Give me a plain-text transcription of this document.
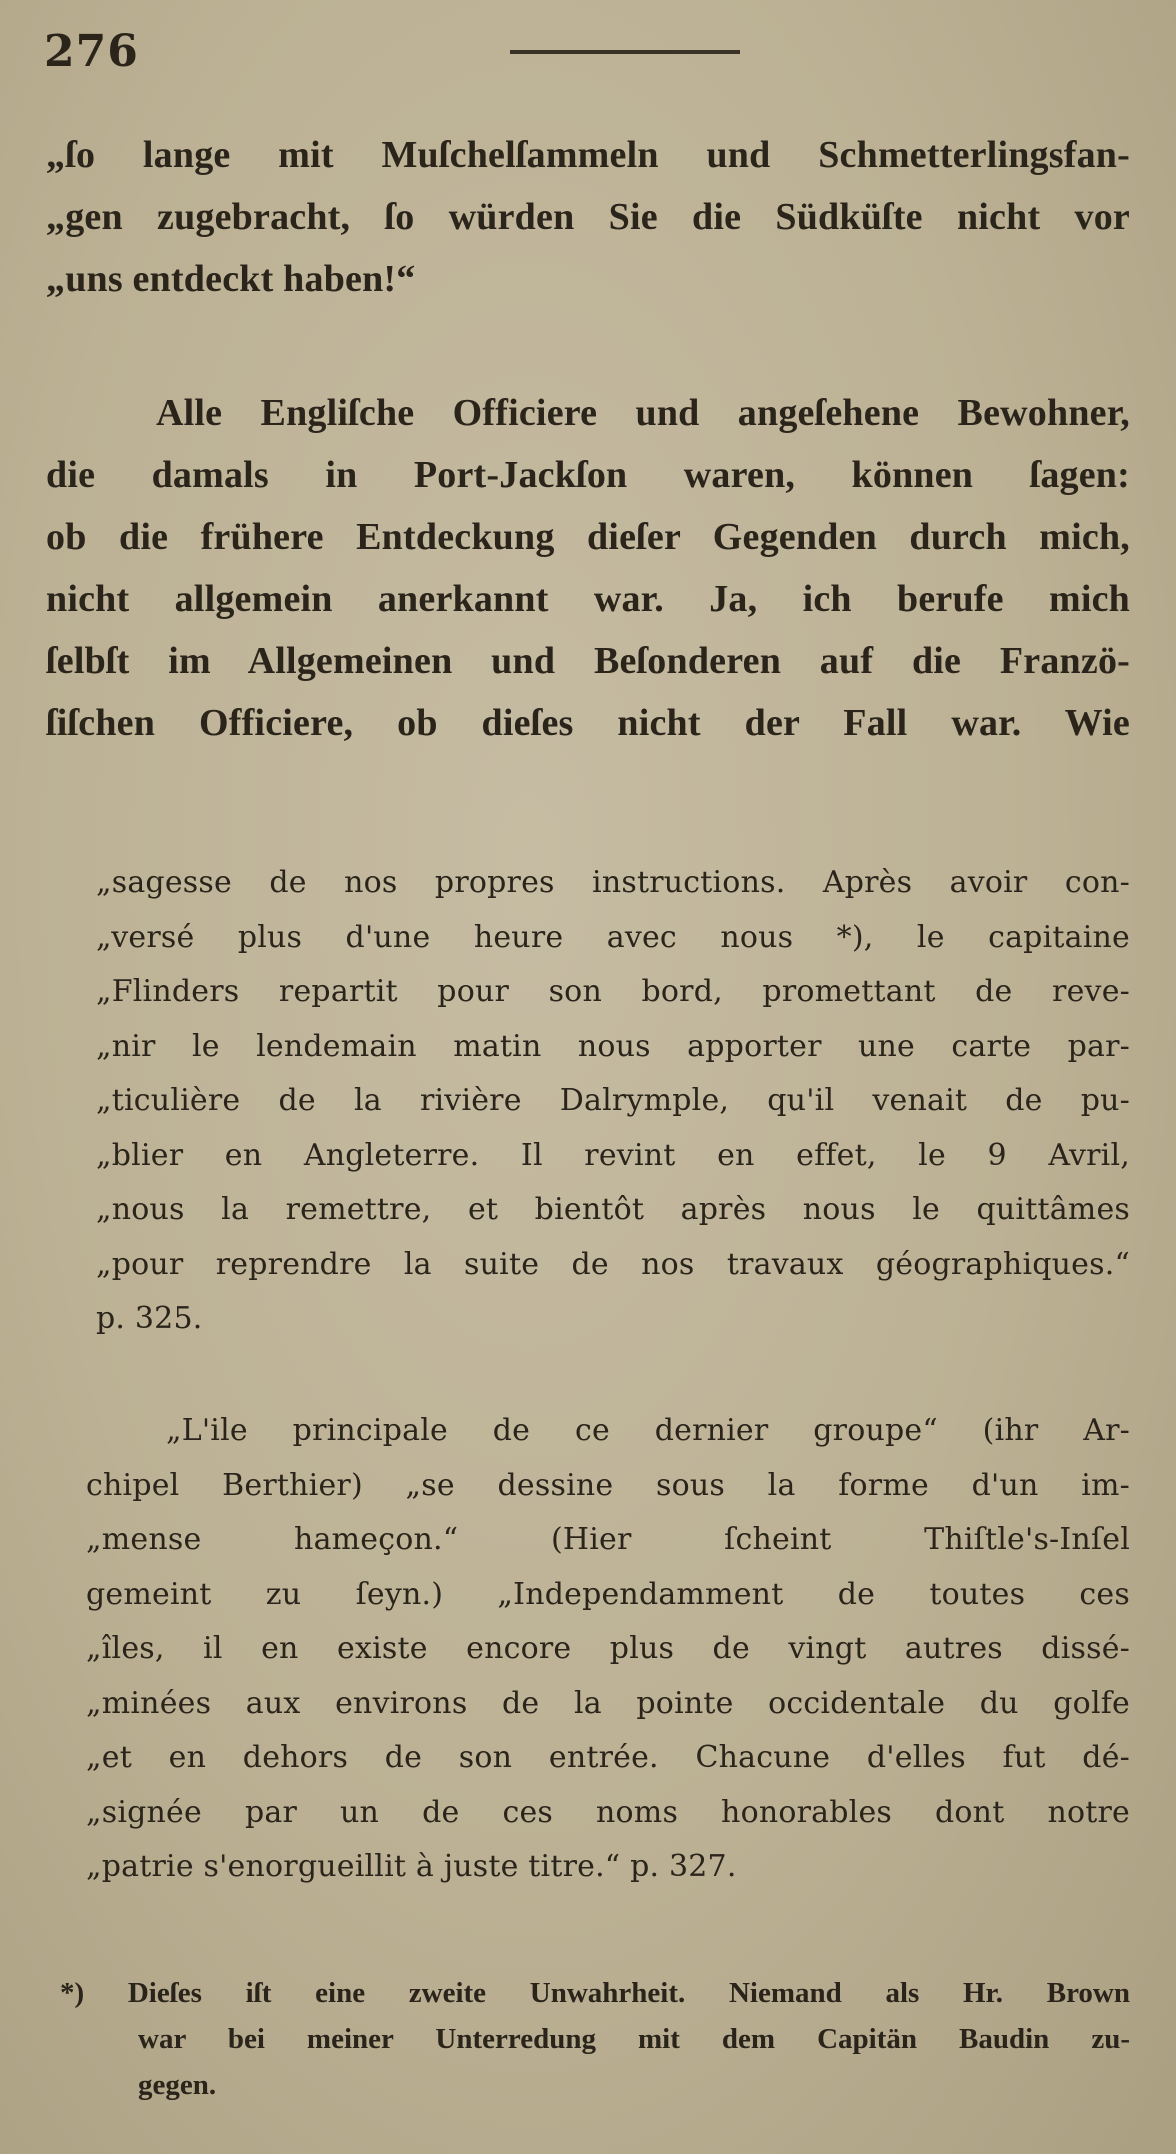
276
„ſo lange mit Muſchelſammeln und Schmetterlingsfan-
„gen zugebracht, ſo würden Sie die Südküſte nicht vor
„uns entdeckt haben!“
Alle Engliſche Officiere und angeſehene Bewohner,
die damals in Port-Jackſon waren, können ſagen:
ob die frühere Entdeckung dieſer Gegenden durch mich,
nicht allgemein anerkannt war. Ja, ich berufe mich
ſelbſt im Allgemeinen und Beſonderen auf die Franzö-
ſiſchen Officiere, ob dieſes nicht der Fall war. Wie
„sagesse de nos propres instructions. Après avoir con-
„versé plus d'une heure avec nous *), le capitaine
„Flinders repartit pour son bord, promettant de reve-
„nir le lendemain matin nous apporter une carte par-
„ticulière de la rivière Dalrymple, qu'il venait de pu-
„blier en Angleterre. Il revint en effet, le 9 Avril,
„nous la remettre, et bientôt après nous le quittâmes
„pour reprendre la suite de nos travaux géographiques.“
p. 325.
„L'ile principale de ce dernier groupe“ (ihr Ar-
chipel Berthier) „se dessine sous la forme d'un im-
„mense hameçon.“ (Hier ſcheint Thiſtle's-Inſel
gemeint zu ſeyn.) „Independamment de toutes ces
„îles, il en existe encore plus de vingt autres dissé-
„minées aux environs de la pointe occidentale du golfe
„et en dehors de son entrée. Chacune d'elles fut dé-
„signée par un de ces noms honorables dont notre
„patrie s'enorgueillit à juste titre.“ p. 327.
*) Dieſes iſt eine zweite Unwahrheit. Niemand als Hr. Brown
war bei meiner Unterredung mit dem Capitän Baudin zu-
gegen.
